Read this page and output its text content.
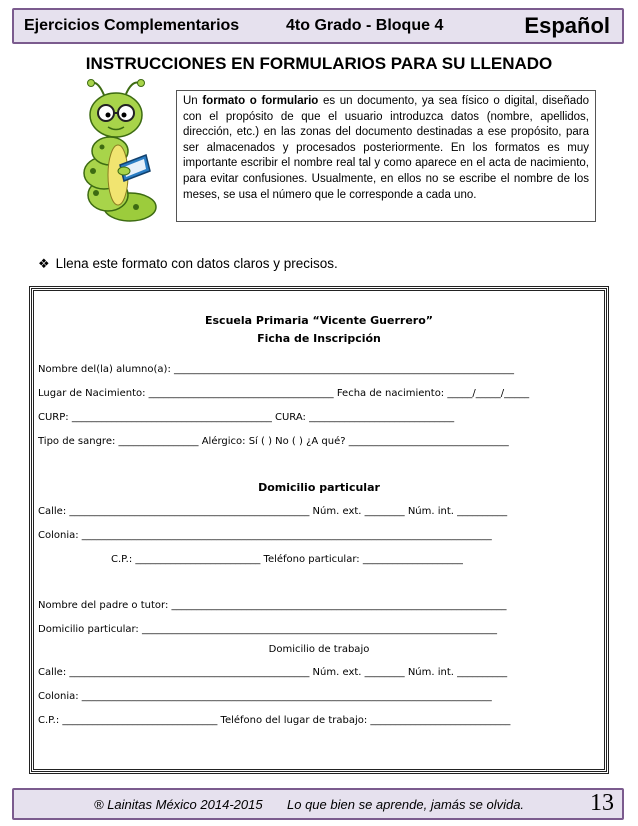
Ejercicios Complementarios	4to Grado - Bloque 4	Español
INSTRUCCIONES EN FORMULARIOS PARA SU LLENADO

Un formato o formulario es un documento, ya sea físico o digital, diseñado con el propósito de que el usuario introduzca datos (nombre, apellidos, dirección, etc.) en las zonas del documento destinadas a ese propósito, para ser almacenados y procesados posteriormente. En los formatos es muy importante escribir el nombre real tal y como aparece en el acta de nacimiento, para evitar confusiones. Usualmente, en ellos no se escribe el nombre de los meses, se usa el número que le corresponde a cada uno.

❖ Llena este formato con datos claros y precisos.
Escuela Primaria “Vicente Guerrero”
Ficha de Inscripción
Nombre del(la) alumno(a): ____________________________________________________________________
Lugar de Nacimiento: _____________________________________ Fecha de nacimiento: _____/_____/_____
CURP: ________________________________________ CURA: _____________________________
Tipo de sangre: ________________ Alérgico: Sí ( ) No ( ) ¿A qué? ________________________________
Domicilio particular
Calle: ________________________________________________ Núm. ext. ________ Núm. int. __________
Colonia: __________________________________________________________________________________
C.P.: _________________________ Teléfono particular: ____________________
Nombre del padre o tutor: ___________________________________________________________________
Domicilio particular: _______________________________________________________________________
Domicilio de trabajo
Calle: ________________________________________________ Núm. ext. ________ Núm. int. __________
Colonia: __________________________________________________________________________________
C.P.: _______________________________ Teléfono del lugar de trabajo: ____________________________
® Lainitas México 2014-2015 Lo que bien se aprende, jamás se olvida.	13
